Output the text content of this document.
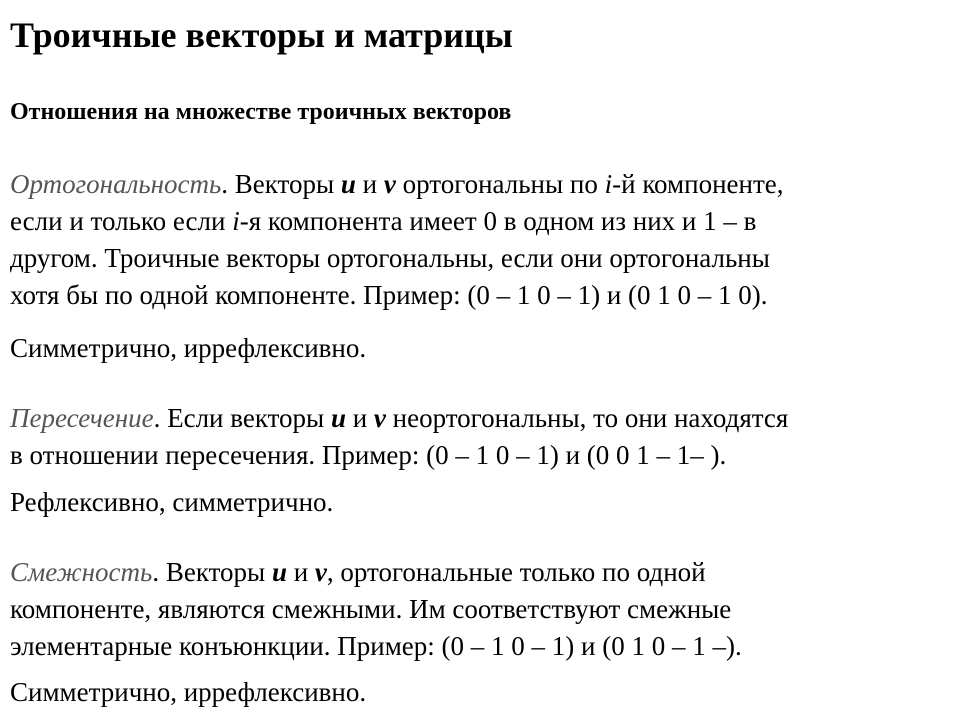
Троичные векторы и матрицы
Отношения на множестве троичных векторов

Ортогональность. Векторы u и v ортогональны по i-й компоненте,
если и только если i-я компонента имеет 0 в одном из них и 1 – в
другом. Троичные векторы ортогональны, если они ортогональны
хотя бы по одной компоненте. Пример: (0 – 1 0 – 1) и (0 1 0 – 1 0).

Симметрично, иррефлексивно.

Пересечение. Если векторы u и v неортогональны, то они находятся
в отношении пересечения. Пример: (0 – 1 0 – 1) и (0 0 1 – 1– ).

Рефлексивно, симметрично.

Смежность. Векторы u и v, ортогональные только по одной
компоненте, являются смежными. Им соответствуют смежные
элементарные конъюнкции. Пример: (0 – 1 0 – 1) и (0 1 0 – 1 –).

Симметрично, иррефлексивно.
